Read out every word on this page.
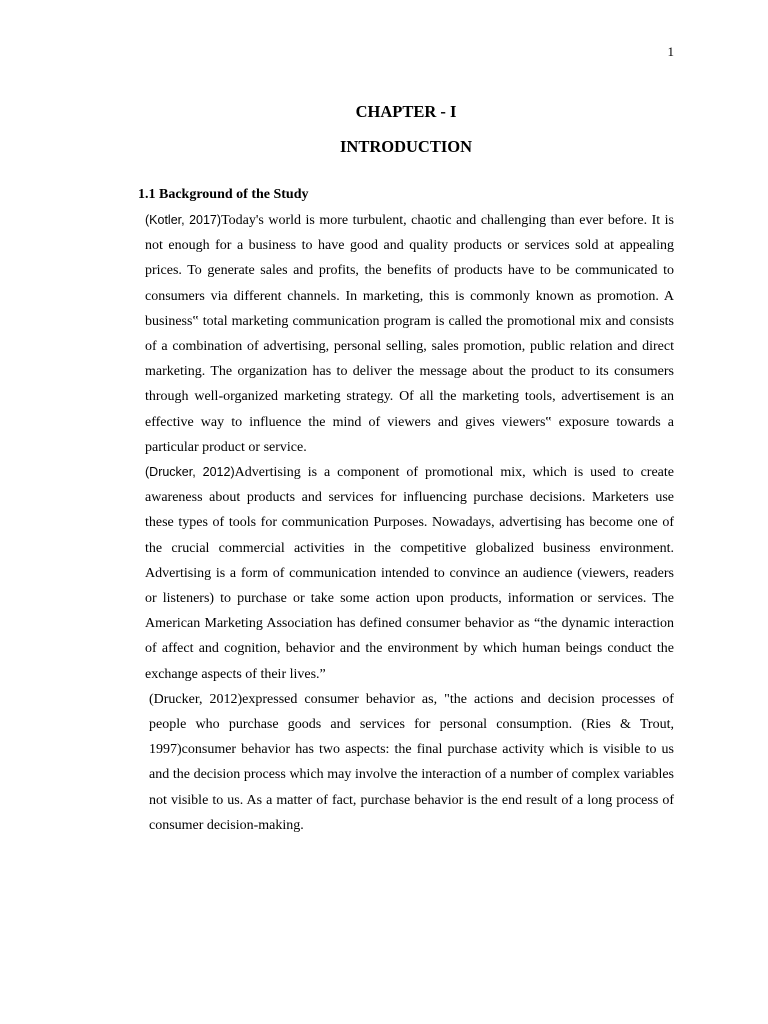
1
CHAPTER - I
INTRODUCTION
1.1 Background of the Study

(Kotler, 2017)Today's world is more turbulent, chaotic and challenging than ever before. It is not enough for a business to have good and quality products or services sold at appealing prices. To generate sales and profits, the benefits of products have to be communicated to consumers via different channels. In marketing, this is commonly known as promotion. A business‟ total marketing communication program is called the promotional mix and consists of a combination of advertising, personal selling, sales promotion, public relation and direct marketing. The organization has to deliver the message about the product to its consumers through well-organized marketing strategy. Of all the marketing tools, advertisement is an effective way to influence the mind of viewers and gives viewers‟ exposure towards a particular product or service.

(Drucker, 2012)Advertising is a component of promotional mix, which is used to create awareness about products and services for influencing purchase decisions. Marketers use these types of tools for communication Purposes. Nowadays, advertising has become one of the crucial commercial activities in the competitive globalized business environment. Advertising is a form of communication intended to convince an audience (viewers, readers or listeners) to purchase or take some action upon products, information or services. The American Marketing Association has defined consumer behavior as “the dynamic interaction of affect and cognition, behavior and the environment by which human beings conduct the exchange aspects of their lives.”

(Drucker, 2012)expressed consumer behavior as, "the actions and decision processes of people who purchase goods and services for personal consumption. (Ries & Trout, 1997)consumer behavior has two aspects: the final purchase activity which is visible to us and the decision process which may involve the interaction of a number of complex variables not visible to us. As a matter of fact, purchase behavior is the end result of a long process of consumer decision-making.
